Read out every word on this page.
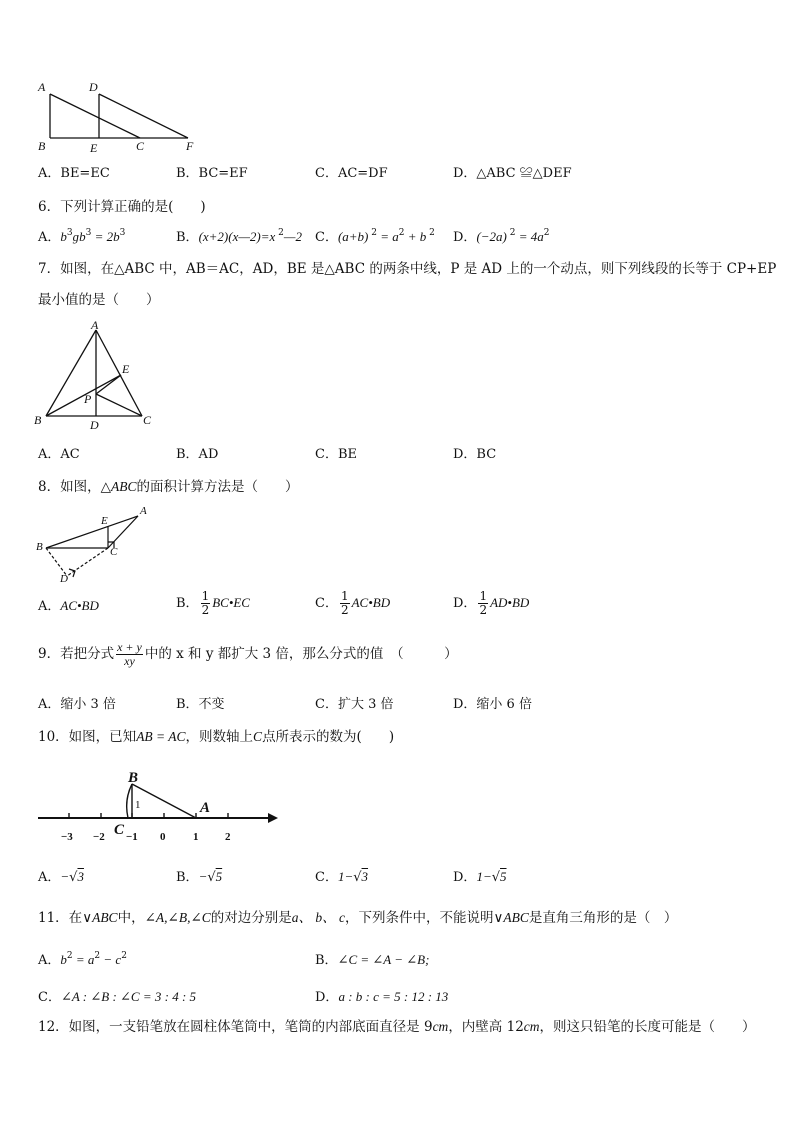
A	D
B	E	C	F
A．BE=EC	B．BC=EF	C．AC=DF	D．△ABC ≌△DEF
6．下列计算正确的是(　　)
A．$b^3ɡb^3 = 2b^3$	B．(x+2)(x—2)=x $^2$—2 C．(a+b) $^2 = a^2 + b$ $^2$ D．(−2a) $^2 = 4a^2$
7．如图，在△ABC 中，AB＝AC，AD，BE 是△ABC 的两条中线，P 是 AD 上的一个动点，则下列线段的长等于 CP+EP
最小值的是（　　）
A
B	C
D
E
P
A．AC	B．AD	C．BE	D．BC
8．如图，△ABC的面积计算方法是（　　）
A
B	C
E
D
A．AC•BD	B． $\frac{1}{2}$ BC•EC	C． $\frac{1}{2}$ AC•BD	D． $\frac{1}{2}$ AD•BD
9．若把分式 $\frac{x + y}{xy}$ 中的 x 和 y 都扩大 3 倍，那么分式的值　（　　　）
A．缩小 3 倍	B．不变	C．扩大 3 倍	D．缩小 6 倍
10．如图，已知AB = AC，则数轴上C点所表示的数为(　　)
B
A
C
1
−3 −2 −1 0	1 2
A．−√3	B．−√5	C．1−√3	D．1−√5
11．在∨ABC中，∠A,∠B,∠C的对边分别是a、 b、 c，下列条件中，不能说明∨ABC是直角三角形的是（　）
A．$b^2 = a^2 - c^2$	B．∠C = ∠A − ∠B;
C．∠A : ∠B : ∠C = 3 : 4 : 5	D．a : b : c = 5 : 12 : 13
12．如图，一支铅笔放在圆柱体笔筒中，笔筒的内部底面直径是 9cm，内壁高 12cm，则这只铅笔的长度可能是（　　）
